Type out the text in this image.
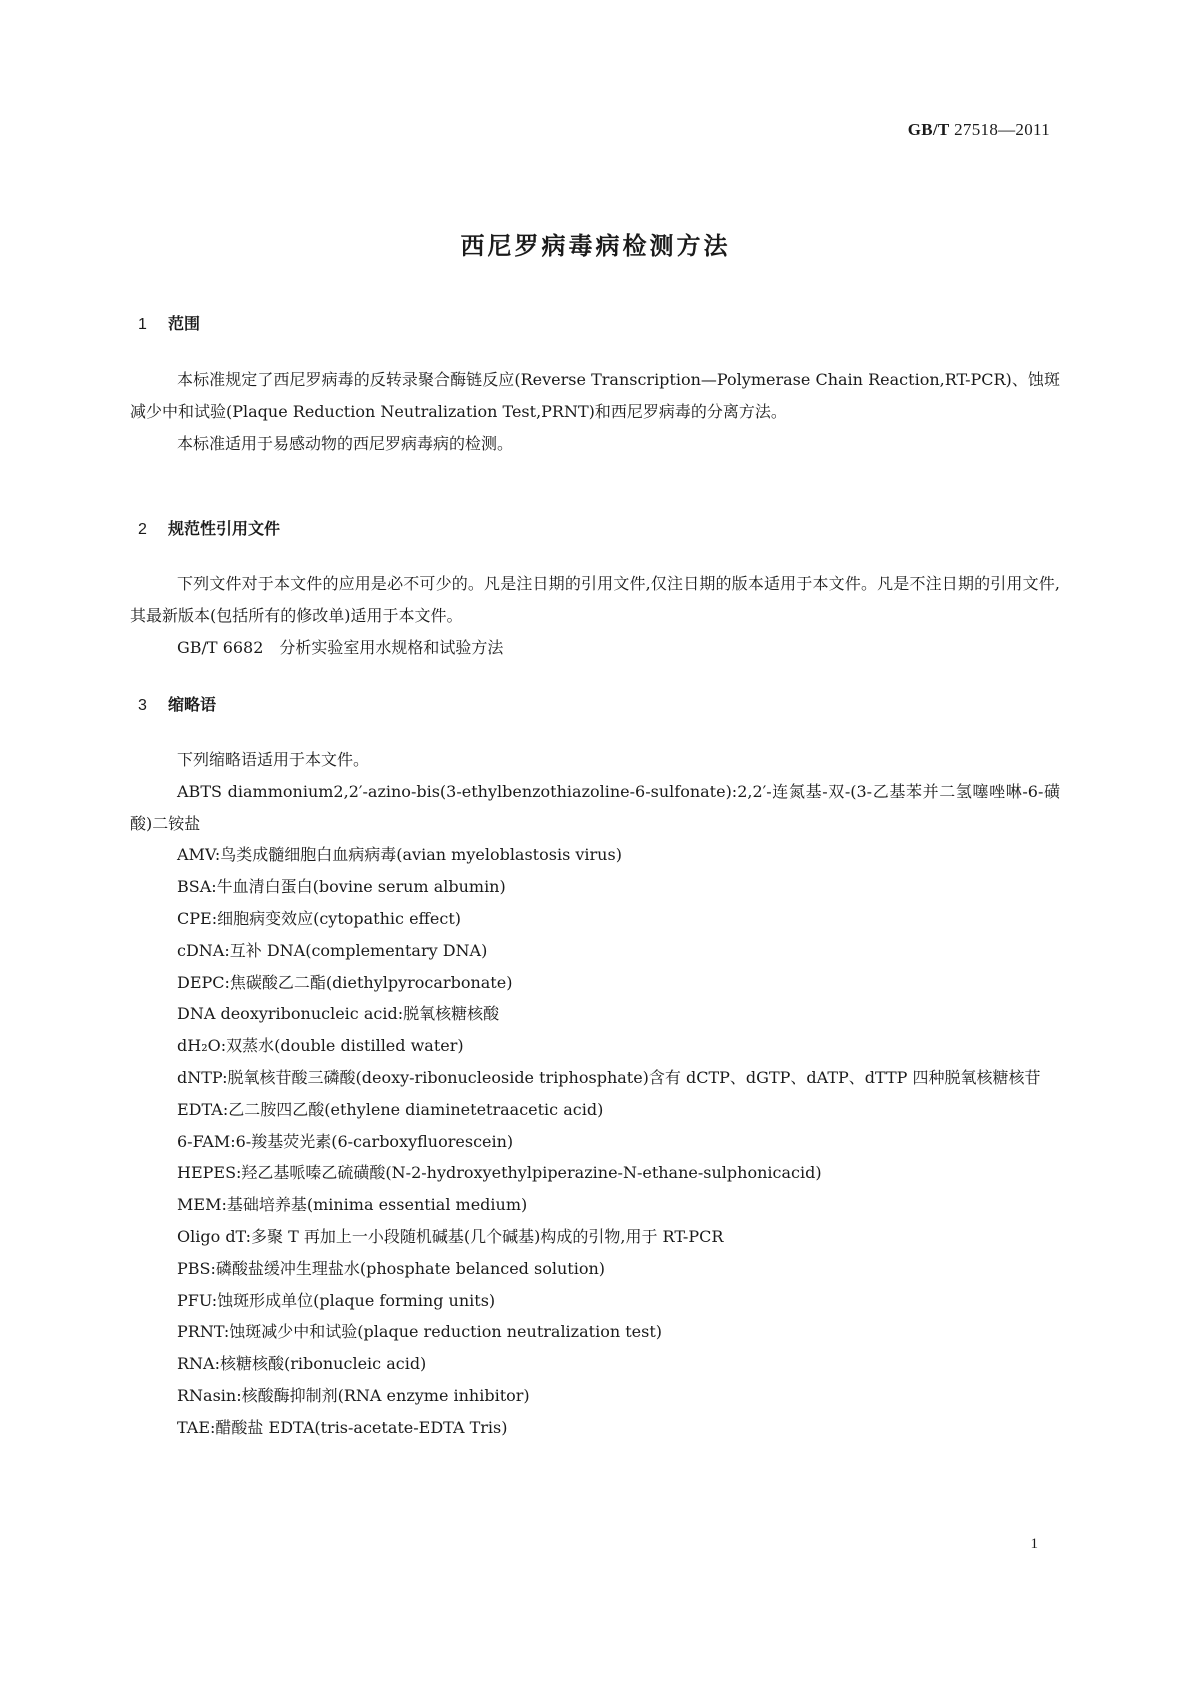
GB/T 27518—2011
西尼罗病毒病检测方法
1 范围

本标准规定了西尼罗病毒的反转录聚合酶链反应(Reverse Transcription—Polymerase Chain Reaction,RT-PCR)、蚀斑减少中和试验(Plaque Reduction Neutralization Test,PRNT)和西尼罗病毒的分离方法。

本标准适用于易感动物的西尼罗病毒病的检测。

2 规范性引用文件

下列文件对于本文件的应用是必不可少的。凡是注日期的引用文件,仅注日期的版本适用于本文件。凡是不注日期的引用文件,其最新版本(包括所有的修改单)适用于本文件。

GB/T 6682　分析实验室用水规格和试验方法

3 缩略语

下列缩略语适用于本文件。

ABTS diammonium2,2′-azino-bis(3-ethylbenzothiazoline-6-sulfonate):2,2′-连氮基-双-(3-乙基苯并二氢噻唑啉-6-磺酸)二铵盐

AMV:鸟类成髓细胞白血病病毒(avian myeloblastosis virus)

BSA:牛血清白蛋白(bovine serum albumin)

CPE:细胞病变效应(cytopathic effect)

cDNA:互补 DNA(complementary DNA)

DEPC:焦碳酸乙二酯(diethylpyrocarbonate)

DNA deoxyribonucleic acid:脱氧核糖核酸

dH₂O:双蒸水(double distilled water)

dNTP:脱氧核苷酸三磷酸(deoxy-ribonucleoside triphosphate)含有 dCTP、dGTP、dATP、dTTP 四种脱氧核糖核苷

EDTA:乙二胺四乙酸(ethylene diaminetetraacetic acid)

6-FAM:6-羧基荧光素(6-carboxyfluorescein)

HEPES:羟乙基哌嗪乙硫磺酸(N-2-hydroxyethylpiperazine-N-ethane-sulphonicacid)

MEM:基础培养基(minima essential medium)

Oligo dT:多聚 T 再加上一小段随机碱基(几个碱基)构成的引物,用于 RT-PCR

PBS:磷酸盐缓冲生理盐水(phosphate belanced solution)

PFU:蚀斑形成单位(plaque forming units)

PRNT:蚀斑减少中和试验(plaque reduction neutralization test)

RNA:核糖核酸(ribonucleic acid)

RNasin:核酸酶抑制剂(RNA enzyme inhibitor)

TAE:醋酸盐 EDTA(tris-acetate-EDTA Tris)

1
